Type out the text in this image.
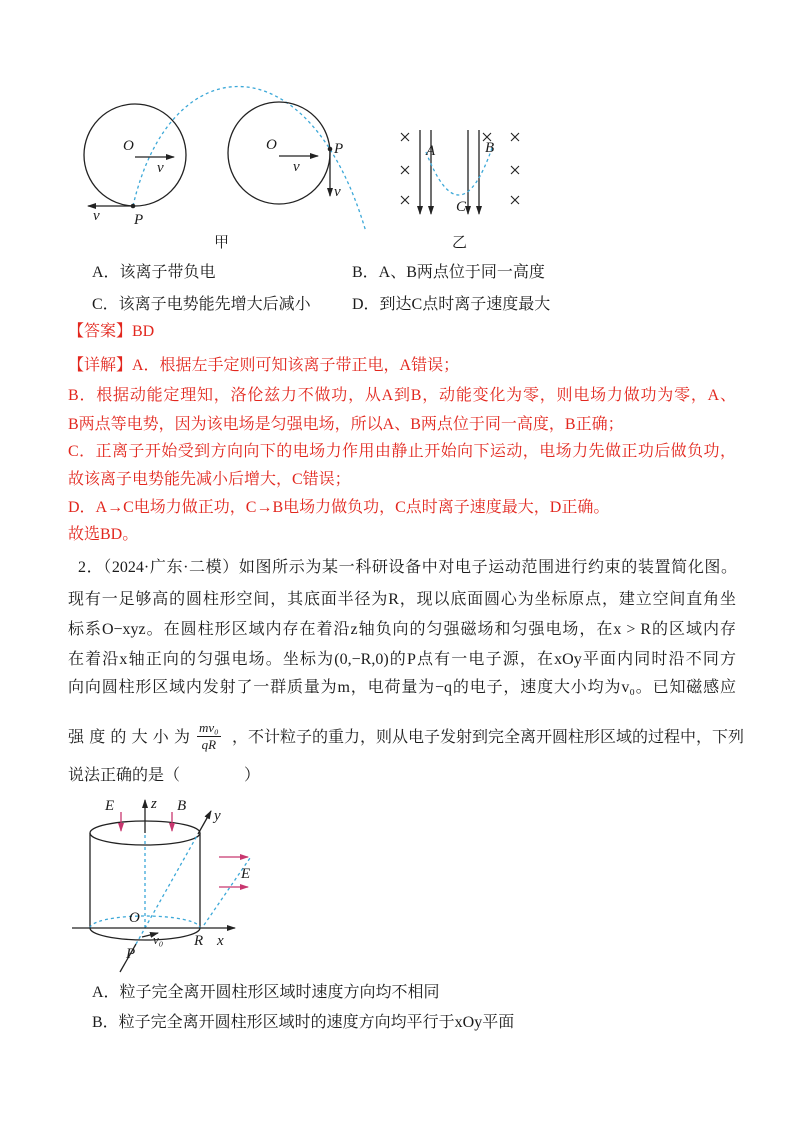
O
v
P
v
O
v
P
v
甲
A	B
C
乙
A．该离子带负电	B．A、B两点位于同一高度
C．该离子电势能先增大后减小	D．到达C点时离子速度最大
【答案】BD
【详解】A．根据左手定则可知该离子带正电，A错误；
B．根据动能定理知，洛伦兹力不做功，从A到B，动能变化为零，则电场力做功为零，A、
B两点等电势，因为该电场是匀强电场，所以A、B两点位于同一高度，B正确；
C．正离子开始受到方向向下的电场力作用由静止开始向下运动，电场力先做正功后做负功，
故该离子电势能先减小后增大，C错误；
D．A→C电场力做正功，C→B电场力做负功，C点时离子速度最大，D正确。
故选BD。
2．（2024·广东·二模）如图所示为某一科研设备中对电子运动范围进行约束的装置简化图。
现有一足够高的圆柱形空间，其底面半径为R，现以底面圆心为坐标原点，建立空间直角坐
标系O−xyz。在圆柱形区域内存在着沿z轴负向的匀强磁场和匀强电场，在x > R的区域内存
在着沿x轴正向的匀强电场。坐标为(0,−R,0)的P点有一电子源，在xOy平面内同时沿不同方
向向圆柱形区域内发射了一群质量为m，电荷量为−q的电子，速度大小均为v₀。已知磁感应
强度的大小为 $\frac{\text{mv₀}}{qR}$ ，不计粒子的重力，则从电子发射到完全离开圆柱形区域的过程中，下列
说法正确的是（　　　　）
z
E	B
y
R x
E
O
v₀
P
A．粒子完全离开圆柱形区域时速度方向均不相同
B．粒子完全离开圆柱形区域时的速度方向均平行于xOy平面
